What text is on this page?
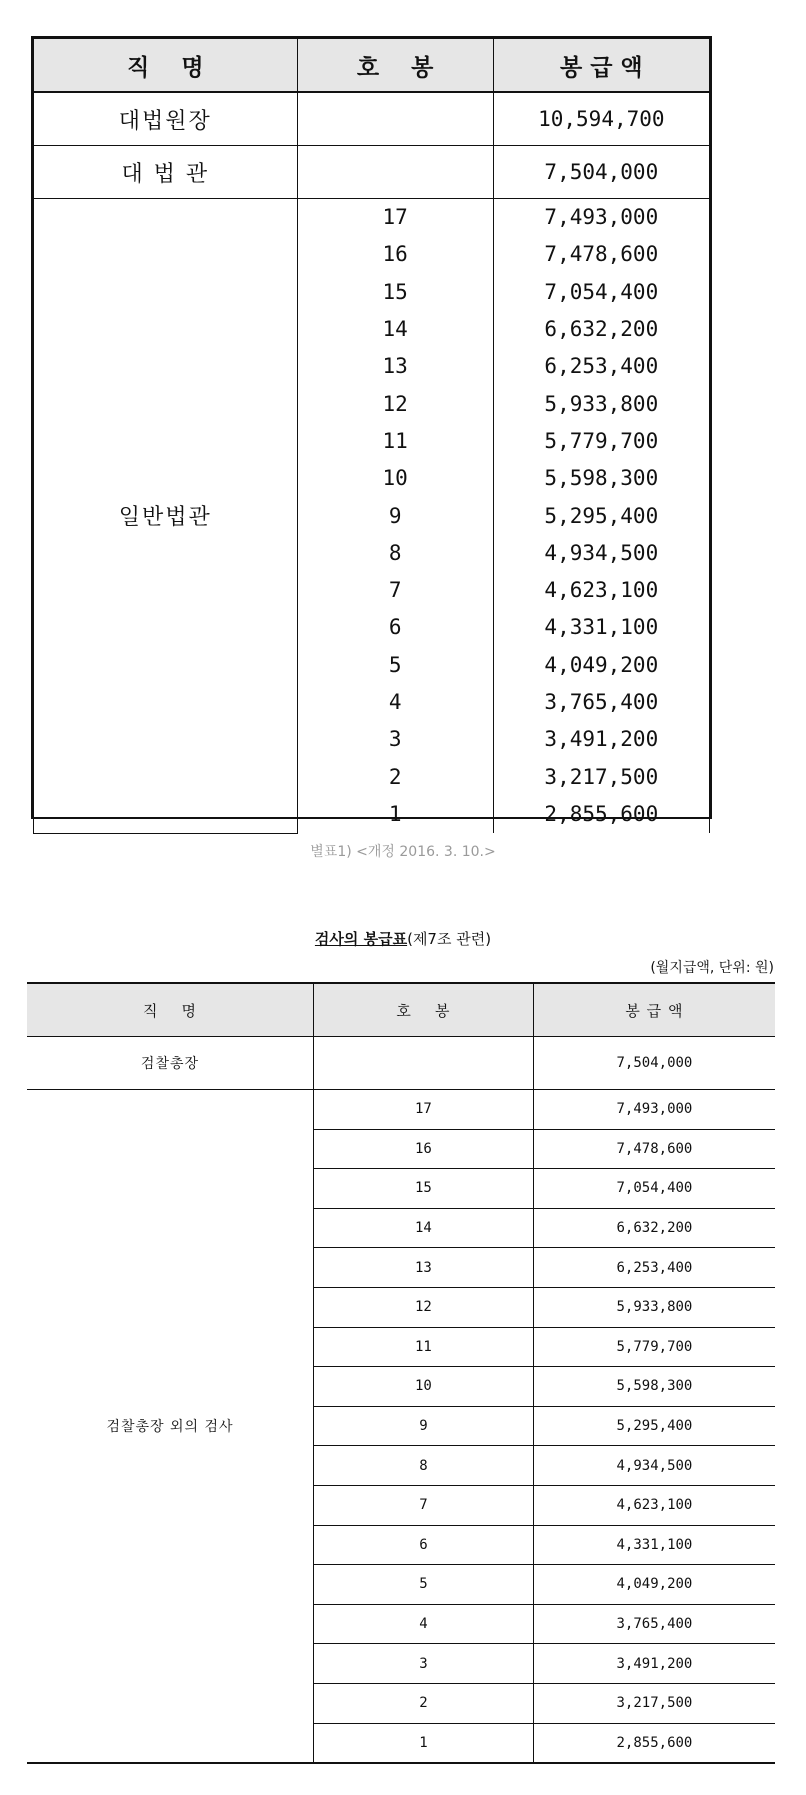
직    명	호    봉	봉 급 액
대법원장		10,594,700
대 법 관		7,504,000
일반법관	17	7,493,000
	16	7,478,600
	15	7,054,400
	14	6,632,200
	13	6,253,400
	12	5,933,800
	11	5,779,700
	10	5,598,300
	9	5,295,400
	8	4,934,500
	7	4,623,100
	6	4,331,100
	5	4,049,200
	4	3,765,400
	3	3,491,200
	2	3,217,500
	1	2,855,600
별표1) <개정 2016. 3. 10.>
검사의 봉급표(제7조 관련)
(월지급액, 단위: 원)
직    명	호    봉	봉 급 액
검찰총장		7,504,000
검찰총장 외의 검사	17	7,493,000
	16	7,478,600
	15	7,054,400
	14	6,632,200
	13	6,253,400
	12	5,933,800
	11	5,779,700
	10	5,598,300
	9	5,295,400
	8	4,934,500
	7	4,623,100
	6	4,331,100
	5	4,049,200
	4	3,765,400
	3	3,491,200
	2	3,217,500
	1	2,855,600
